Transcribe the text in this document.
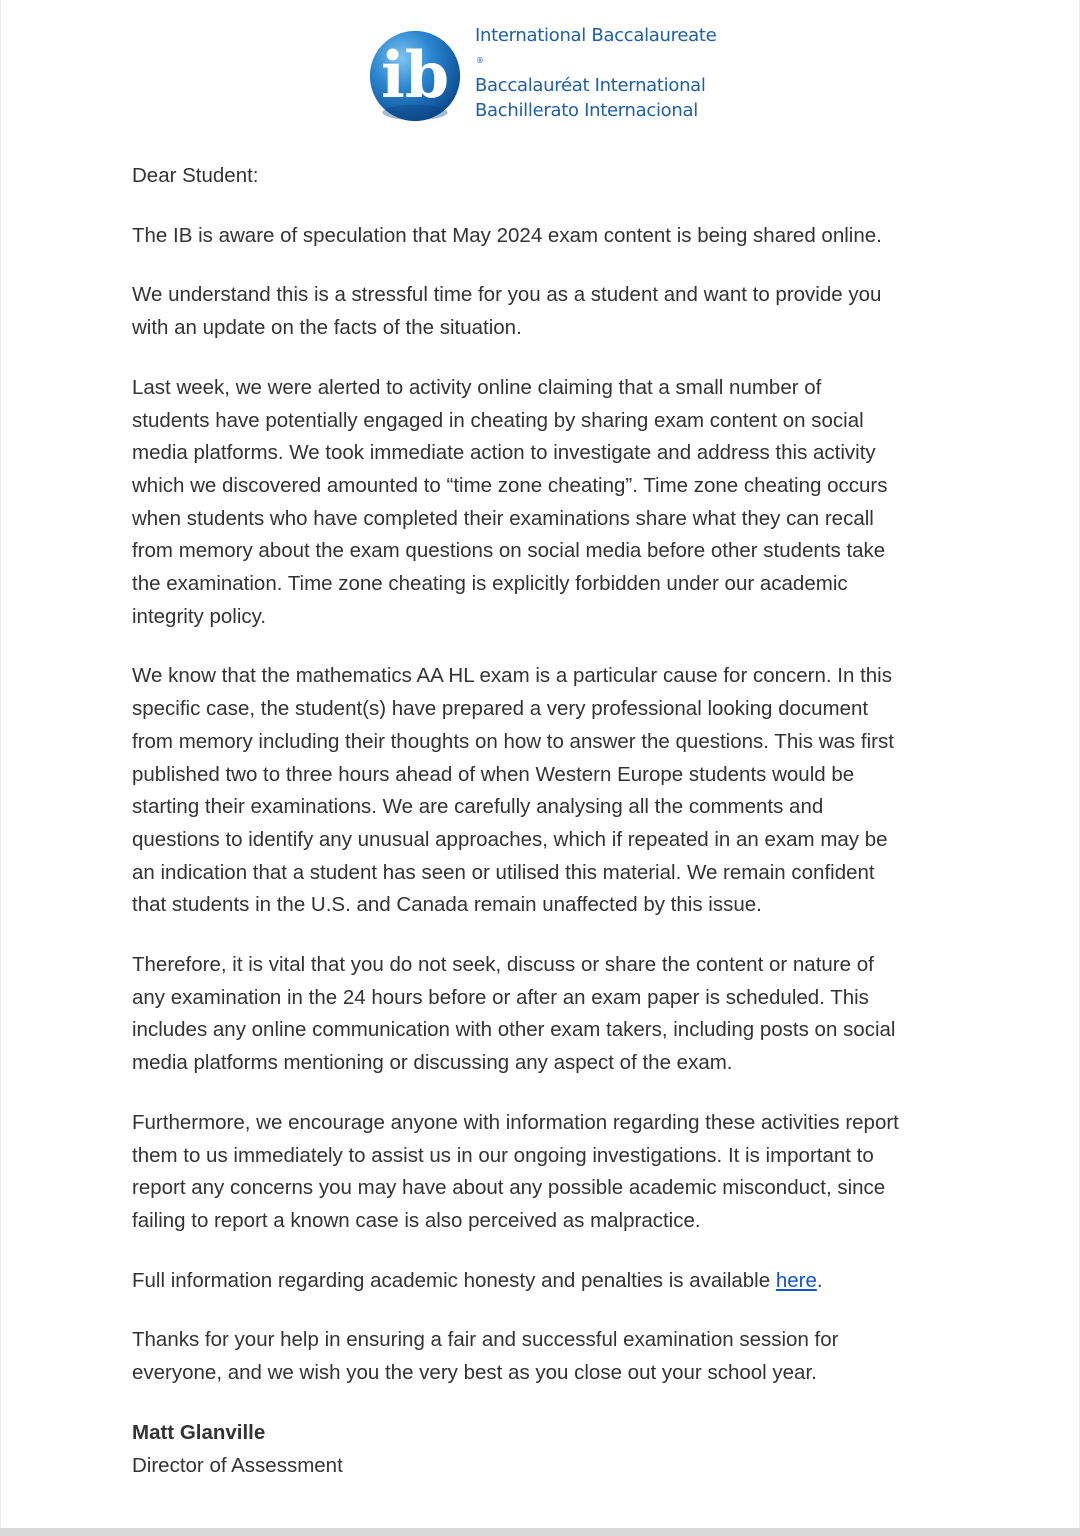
ib
International Baccalaureate
®
Baccalauréat International
Bachillerato Internacional

Dear Student:

The IB is aware of speculation that May 2024 exam content is being shared online.

We understand this is a stressful time for you as a student and want to provide you
with an update on the facts of the situation.

Last week, we were alerted to activity online claiming that a small number of
students have potentially engaged in cheating by sharing exam content on social
media platforms. We took immediate action to investigate and address this activity
which we discovered amounted to “time zone cheating”. Time zone cheating occurs
when students who have completed their examinations share what they can recall
from memory about the exam questions on social media before other students take
the examination. Time zone cheating is explicitly forbidden under our academic
integrity policy.

We know that the mathematics AA HL exam is a particular cause for concern. In this
specific case, the student(s) have prepared a very professional looking document
from memory including their thoughts on how to answer the questions. This was first
published two to three hours ahead of when Western Europe students would be
starting their examinations. We are carefully analysing all the comments and
questions to identify any unusual approaches, which if repeated in an exam may be
an indication that a student has seen or utilised this material. We remain confident
that students in the U.S. and Canada remain unaffected by this issue.

Therefore, it is vital that you do not seek, discuss or share the content or nature of
any examination in the 24 hours before or after an exam paper is scheduled. This
includes any online communication with other exam takers, including posts on social
media platforms mentioning or discussing any aspect of the exam.

Furthermore, we encourage anyone with information regarding these activities report
them to us immediately to assist us in our ongoing investigations. It is important to
report any concerns you may have about any possible academic misconduct, since
failing to report a known case is also perceived as malpractice.

Full information regarding academic honesty and penalties is available here.

Thanks for your help in ensuring a fair and successful examination session for
everyone, and we wish you the very best as you close out your school year.

Matt Glanville
Director of Assessment
